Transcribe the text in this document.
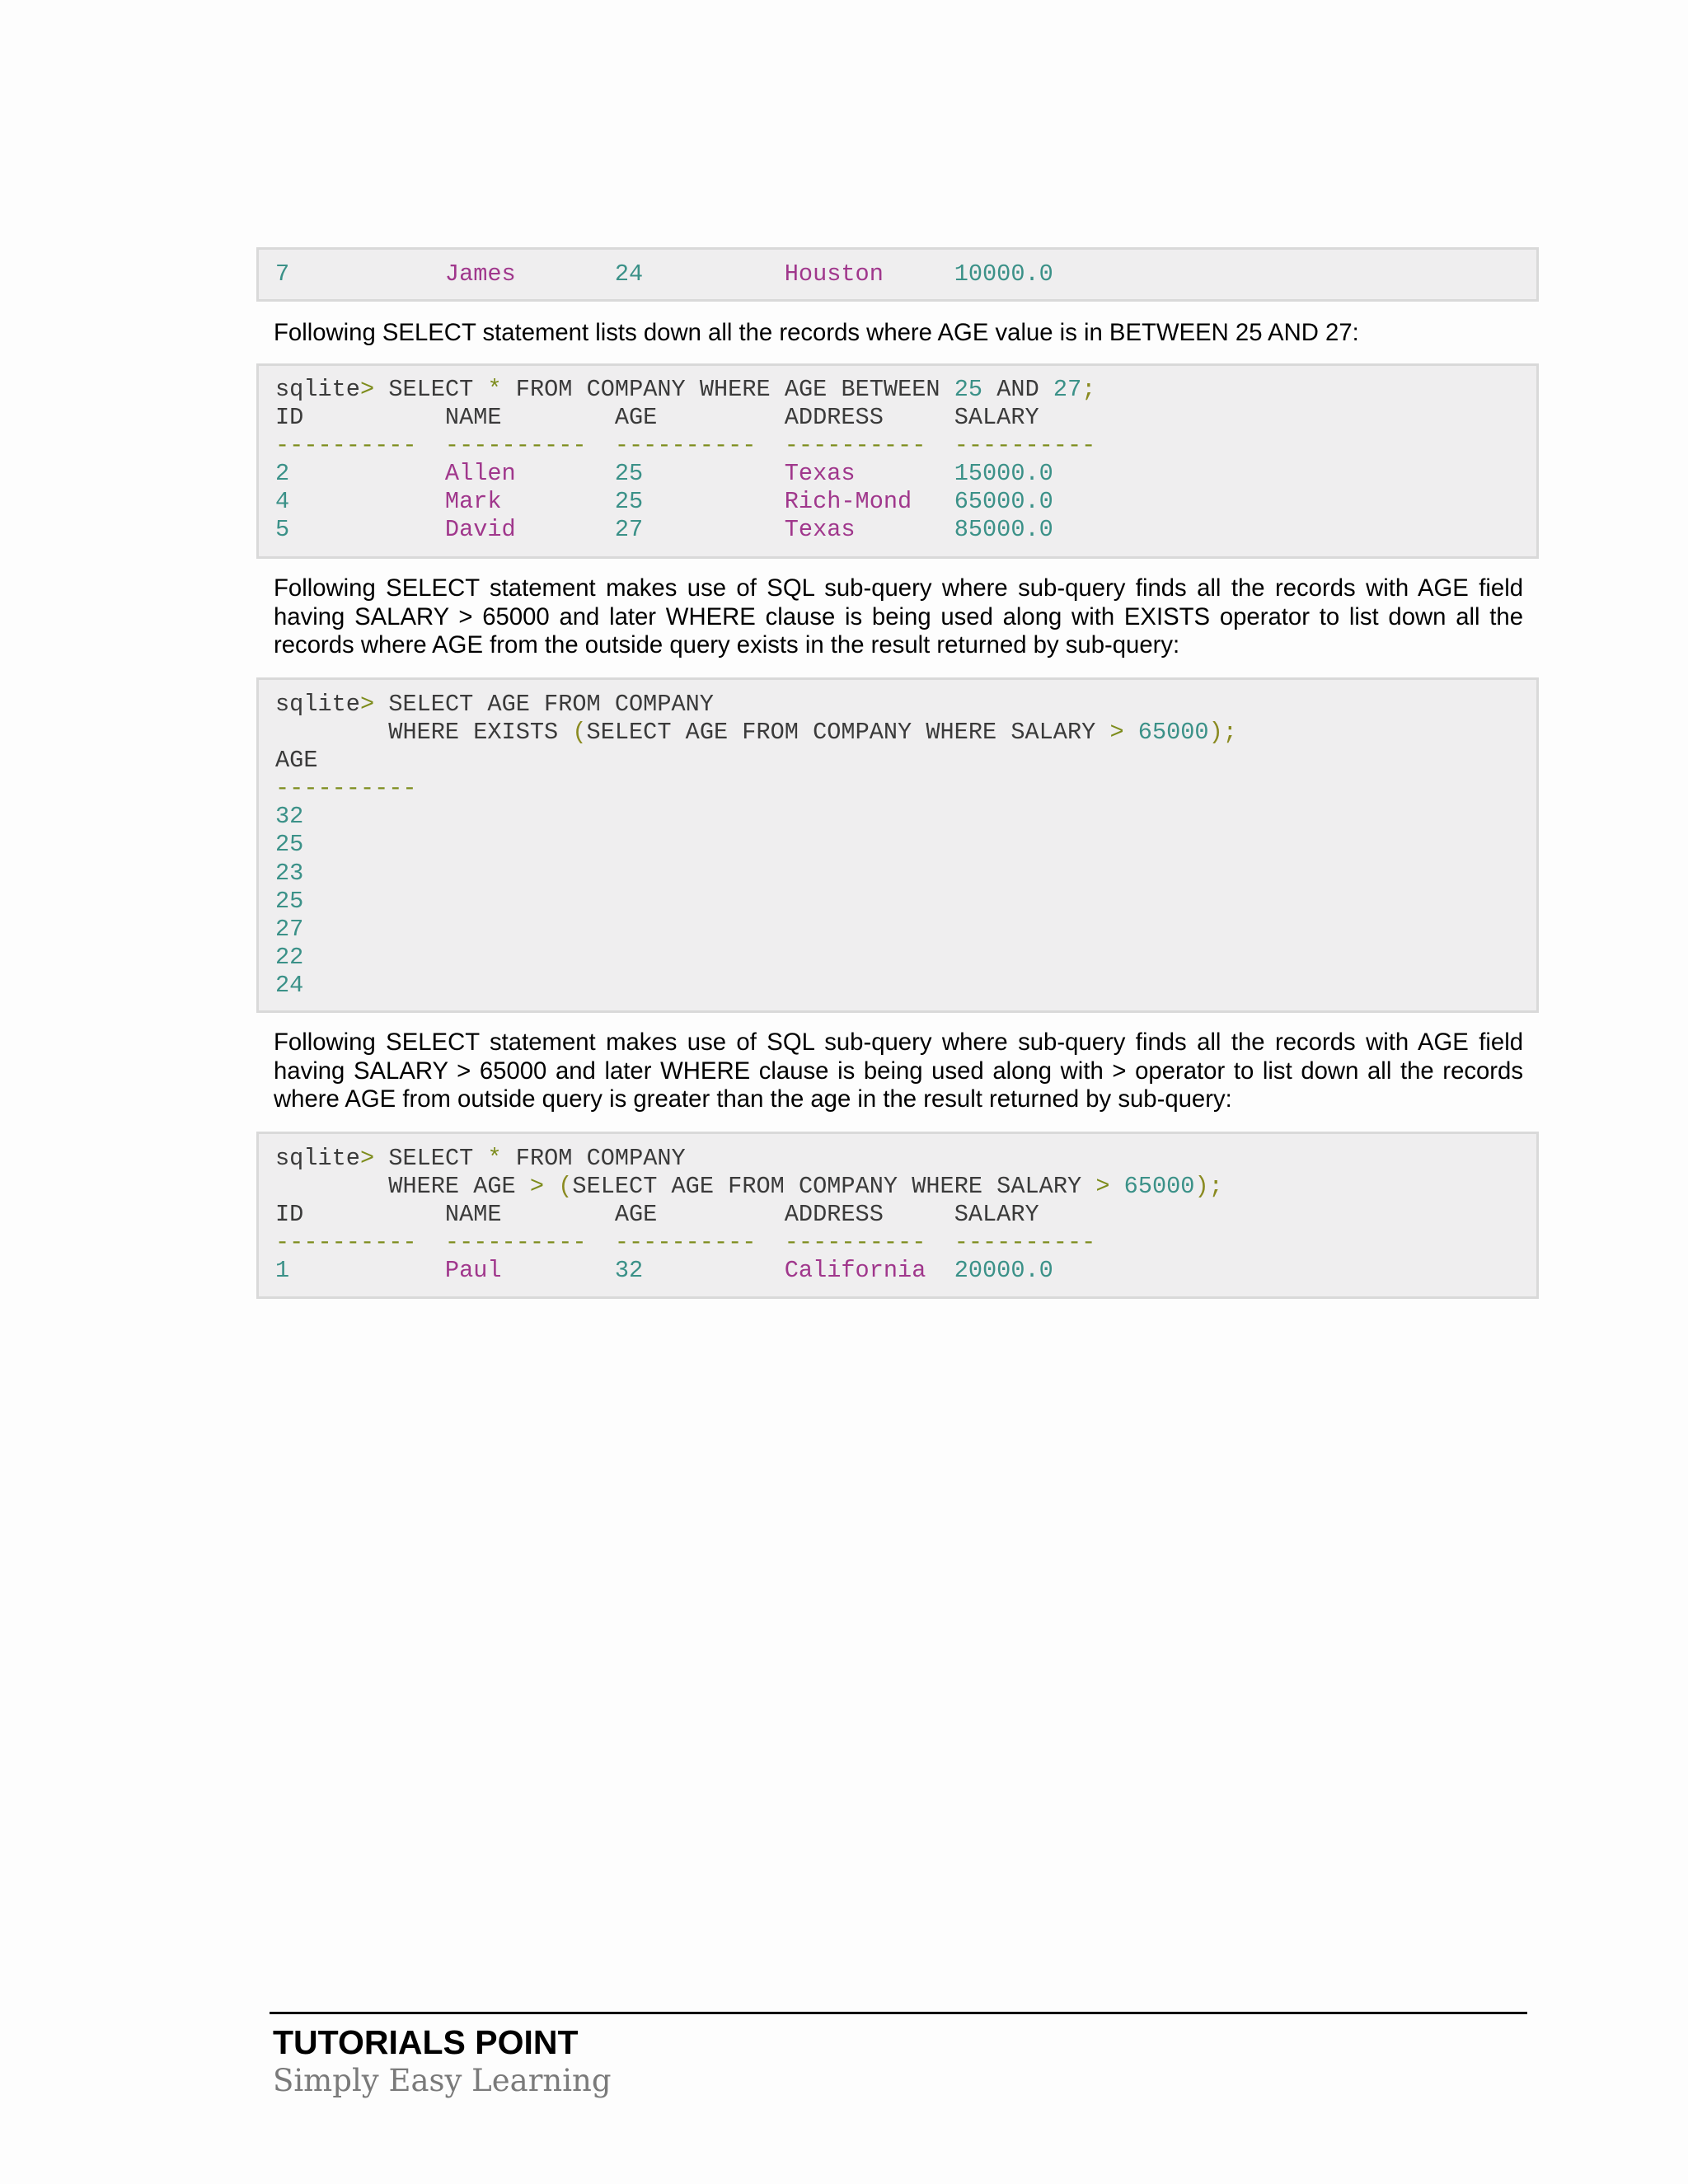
7	James	24	Houston	10000.0

Following SELECT statement lists down all the records where AGE value is in BETWEEN 25 AND 27:

sqlite> SELECT * FROM COMPANY WHERE AGE BETWEEN 25 AND 27;
ID	NAME	AGE	ADDRESS	SALARY
---------- ---------- ---------- ---------- ----------
2	Allen	25	Texas	15000.0
4	Mark	25	Rich-Mond 65000.0
5	David	27	Texas	85000.0

Following SELECT statement makes use of SQL sub-query where sub-query finds all the records with AGE field having SALARY > 65000 and later WHERE clause is being used along with EXISTS operator to list down all the records where AGE from the outside query exists in the result returned by sub-query:

sqlite> SELECT AGE FROM COMPANY
WHERE EXISTS (SELECT AGE FROM COMPANY WHERE SALARY > 65000);
AGE
----------
32
25
23
25
27
22
24

Following SELECT statement makes use of SQL sub-query where sub-query finds all the records with AGE field having SALARY > 65000 and later WHERE clause is being used along with > operator to list down all the records where AGE from outside query is greater than the age in the result returned by sub-query:

sqlite> SELECT * FROM COMPANY
WHERE AGE > (SELECT AGE FROM COMPANY WHERE SALARY > 65000);
ID	NAME	AGE	ADDRESS	SALARY
---------- ---------- ---------- ---------- ----------
1	Paul	32	California 20000.0

TUTORIALS POINT

Simply Easy Learning
